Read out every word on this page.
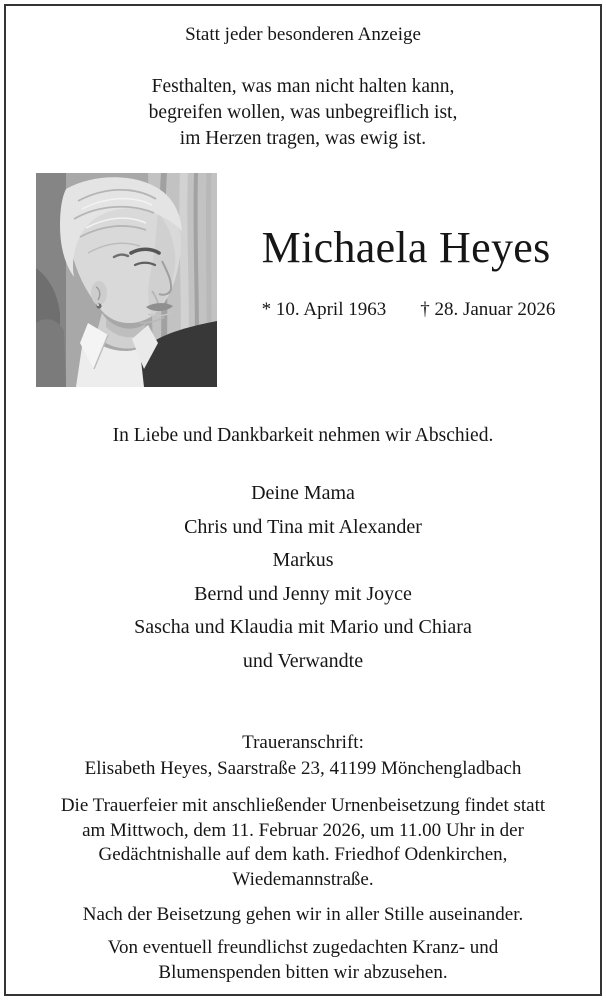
Statt jeder besonderen Anzeige
Festhalten, was man nicht halten kann,
begreifen wollen, was unbegreiflich ist,
im Herzen tragen, was ewig ist.
Michaela Heyes
* 10. April 1963 † 28. Januar 2026
In Liebe und Dankbarkeit nehmen wir Abschied.
Deine Mama
Chris und Tina mit Alexander
Markus
Bernd und Jenny mit Joyce
Sascha und Klaudia mit Mario und Chiara
und Verwandte
Traueranschrift:
Elisabeth Heyes, Saarstraße 23, 41199 Mönchengladbach
Die Trauerfeier mit anschließender Urnenbeisetzung findet statt
am Mittwoch, dem 11. Februar 2026, um 11.00 Uhr in der
Gedächtnishalle auf dem kath. Friedhof Odenkirchen,
Wiedemannstraße.
Nach der Beisetzung gehen wir in aller Stille auseinander.
Von eventuell freundlichst zugedachten Kranz- und
Blumenspenden bitten wir abzusehen.
